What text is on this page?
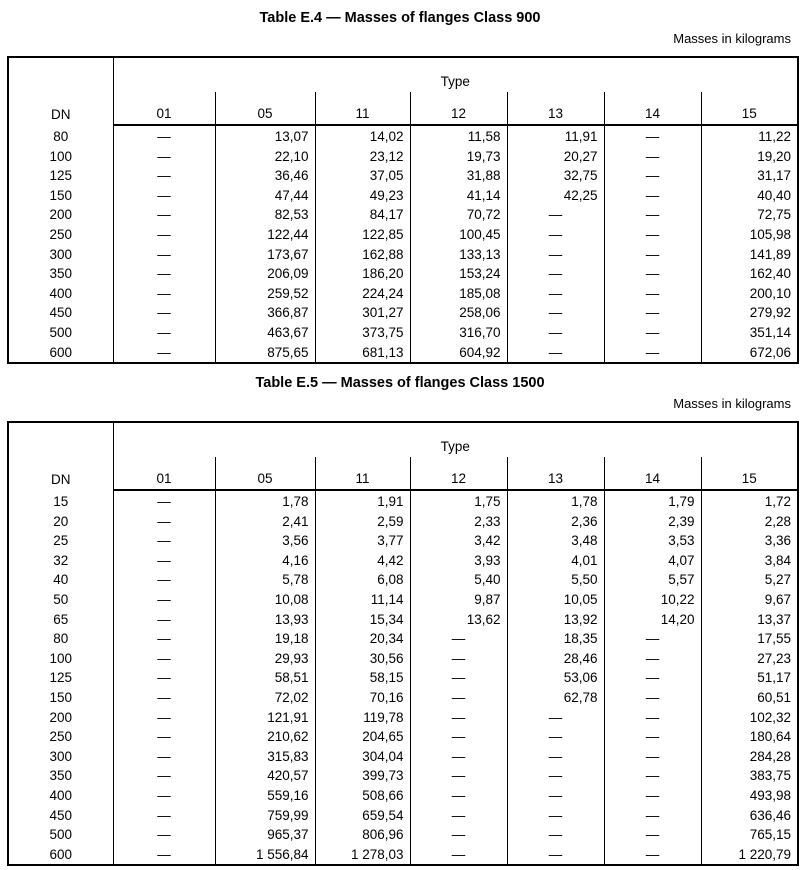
Table E.4 — Masses of flanges Class 900
Masses in kilograms
DN	Type						
	01	05	11	12	13	14	15
80	—	13,07	14,02	11,58	11,91	—	11,22
100	—	22,10	23,12	19,73	20,27	—	19,20
125	—	36,46	37,05	31,88	32,75	—	31,17
150	—	47,44	49,23	41,14	42,25	—	40,40
200	—	82,53	84,17	70,72	—	—	72,75
250	—	122,44	122,85	100,45	—	—	105,98
300	—	173,67	162,88	133,13	—	—	141,89
350	—	206,09	186,20	153,24	—	—	162,40
400	—	259,52	224,24	185,08	—	—	200,10
450	—	366,87	301,27	258,06	—	—	279,92
500	—	463,67	373,75	316,70	—	—	351,14
600	—	875,65	681,13	604,92	—	—	672,06
Table E.5 — Masses of flanges Class 1500
Masses in kilograms
DN	Type						
	01	05	11	12	13	14	15
15	—	1,78	1,91	1,75	1,78	1,79	1,72
20	—	2,41	2,59	2,33	2,36	2,39	2,28
25	—	3,56	3,77	3,42	3,48	3,53	3,36
32	—	4,16	4,42	3,93	4,01	4,07	3,84
40	—	5,78	6,08	5,40	5,50	5,57	5,27
50	—	10,08	11,14	9,87	10,05	10,22	9,67
65	—	13,93	15,34	13,62	13,92	14,20	13,37
80	—	19,18	20,34	—	18,35	—	17,55
100	—	29,93	30,56	—	28,46	—	27,23
125	—	58,51	58,15	—	53,06	—	51,17
150	—	72,02	70,16	—	62,78	—	60,51
200	—	121,91	119,78	—	—	—	102,32
250	—	210,62	204,65	—	—	—	180,64
300	—	315,83	304,04	—	—	—	284,28
350	—	420,57	399,73	—	—	—	383,75
400	—	559,16	508,66	—	—	—	493,98
450	—	759,99	659,54	—	—	—	636,46
500	—	965,37	806,96	—	—	—	765,15
600	—	1 556,84	1 278,03	—	—	—	1 220,79
